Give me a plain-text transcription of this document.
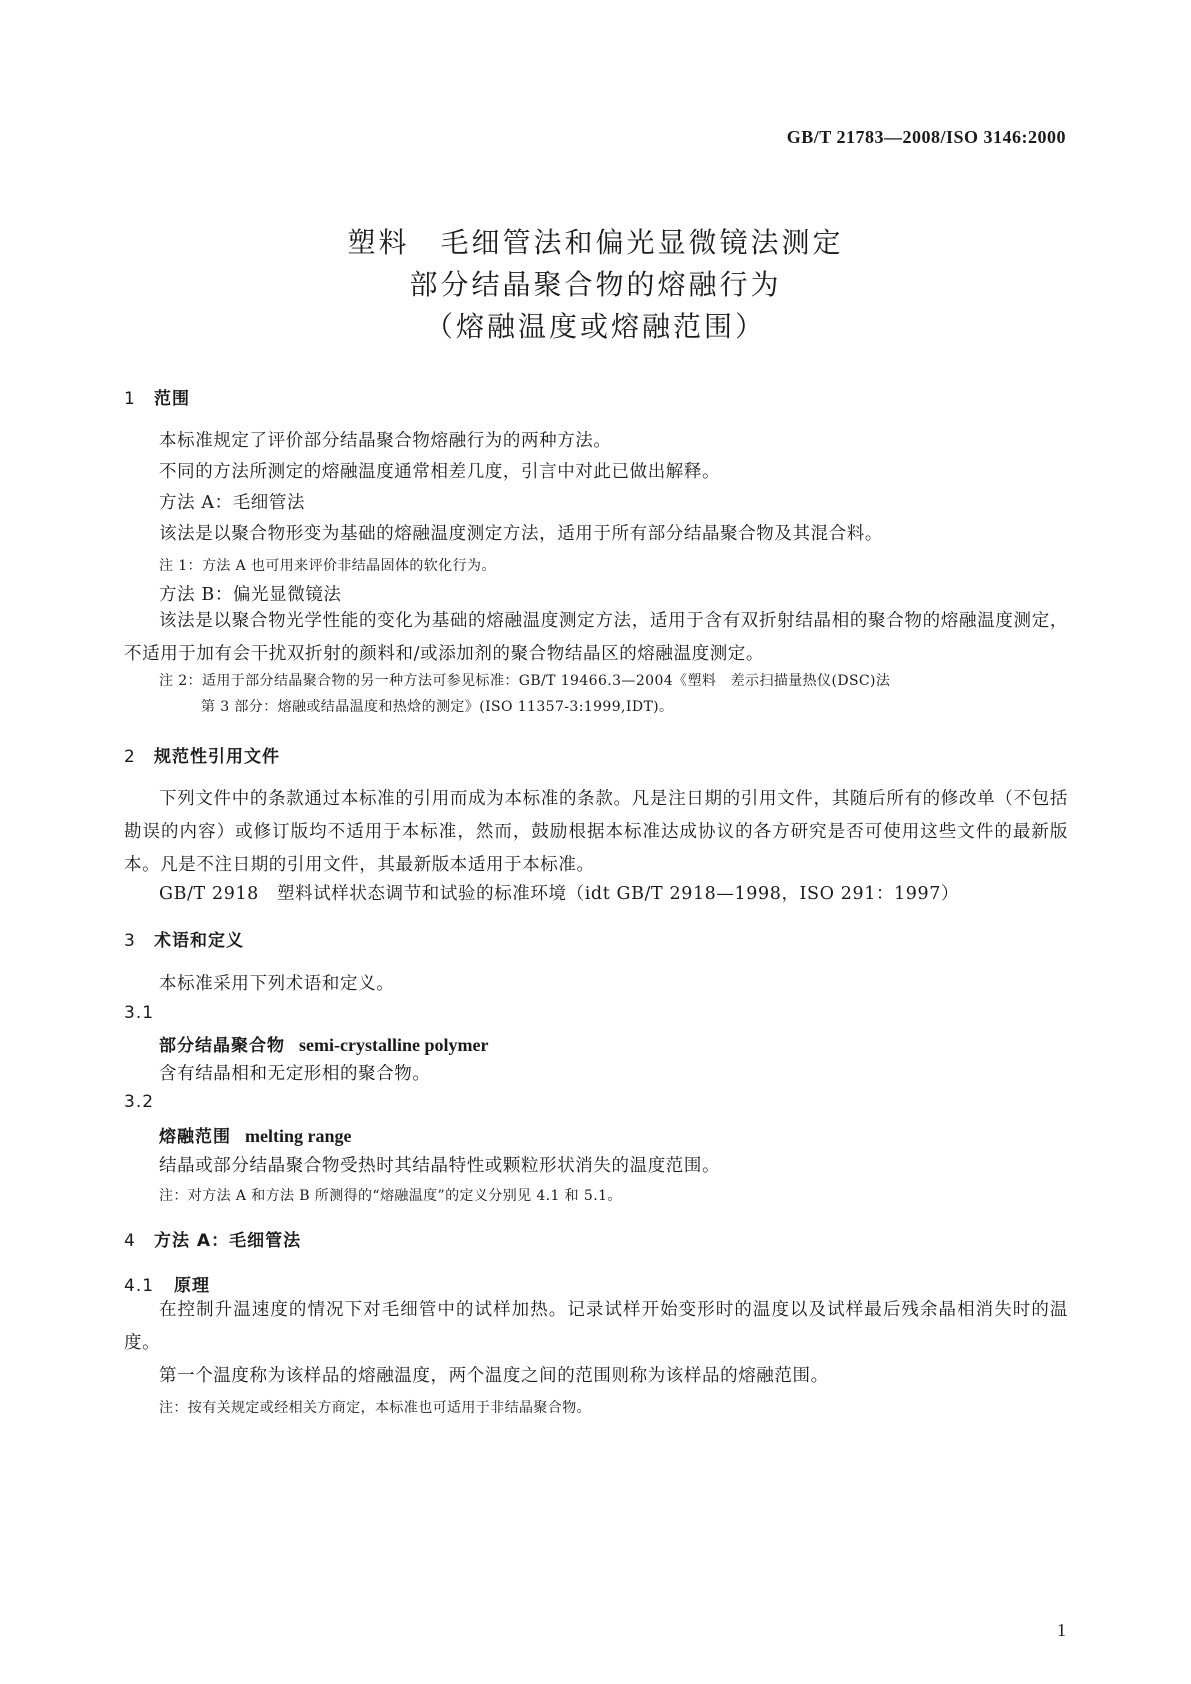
GB/T 21783—2008/ISO 3146:2000
塑料　毛细管法和偏光显微镜法测定
部分结晶聚合物的熔融行为
（熔融温度或熔融范围）
1 范围
本标准规定了评价部分结晶聚合物熔融行为的两种方法。
不同的方法所测定的熔融温度通常相差几度，引言中对此已做出解释。
方法 A：毛细管法
该法是以聚合物形变为基础的熔融温度测定方法，适用于所有部分结晶聚合物及其混合料。
注 1：方法 A 也可用来评价非结晶固体的软化行为。
方法 B：偏光显微镜法
该法是以聚合物光学性能的变化为基础的熔融温度测定方法，适用于含有双折射结晶相的聚合物的熔融温度测定，不适用于加有会干扰双折射的颜料和/或添加剂的聚合物结晶区的熔融温度测定。
注 2：适用于部分结晶聚合物的另一种方法可参见标准：GB/T 19466.3—2004《塑料　差示扫描量热仪(DSC)法
第 3 部分：熔融或结晶温度和热焓的测定》(ISO 11357-3:1999,IDT)。
2 规范性引用文件
下列文件中的条款通过本标准的引用而成为本标准的条款。凡是注日期的引用文件，其随后所有的修改单（不包括勘误的内容）或修订版均不适用于本标准，然而，鼓励根据本标准达成协议的各方研究是否可使用这些文件的最新版本。凡是不注日期的引用文件，其最新版本适用于本标准。
GB/T 2918　塑料试样状态调节和试验的标准环境（idt GB/T 2918—1998，ISO 291：1997）
3 术语和定义
本标准采用下列术语和定义。
3.1
部分结晶聚合物 semi-crystalline polymer
含有结晶相和无定形相的聚合物。
3.2
熔融范围 melting range
结晶或部分结晶聚合物受热时其结晶特性或颗粒形状消失的温度范围。
注：对方法 A 和方法 B 所测得的“熔融温度”的定义分别见 4.1 和 5.1。
4 方法 A：毛细管法
4.1 原理
在控制升温速度的情况下对毛细管中的试样加热。记录试样开始变形时的温度以及试样最后残余晶相消失时的温度。
第一个温度称为该样品的熔融温度，两个温度之间的范围则称为该样品的熔融范围。
注：按有关规定或经相关方商定，本标准也可适用于非结晶聚合物。
1
